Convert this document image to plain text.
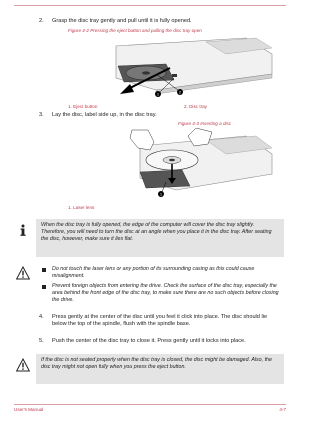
2. Grasp the disc tray gently and pull until it is fully opened.
Figure 4-2 Pressing the eject button and pulling the disc tray open
1	2
1. Eject button	2. Disc tray
3. Lay the disc, label side up, in the disc tray.
Figure 4-3 Inserting a disc
1
1. Laser lens
When the disc tray is fully opened, the edge of the computer will cover the disc tray slightly. Therefore, you will need to turn the disc at an angle when you place it in the disc tray. After seating the disc, however, make sure it lies flat.
Do not touch the laser lens or any portion of its surrounding casing as this could cause misalignment.
Prevent foreign objects from entering the drive. Check the surface of the disc tray, especially the area behind the front edge of the disc tray, to make sure there are no such objects before closing the drive.
4. Press gently at the center of the disc until you feel it click into place. The disc should lie below the top of the spindle, flush with the spindle base.
5. Push the center of the disc tray to close it. Press gently until it locks into place.
If the disc is not seated properly when the disc tray is closed, the disc might be damaged. Also, the disc tray might not open fully when you press the eject button.
User's Manual	4-7
